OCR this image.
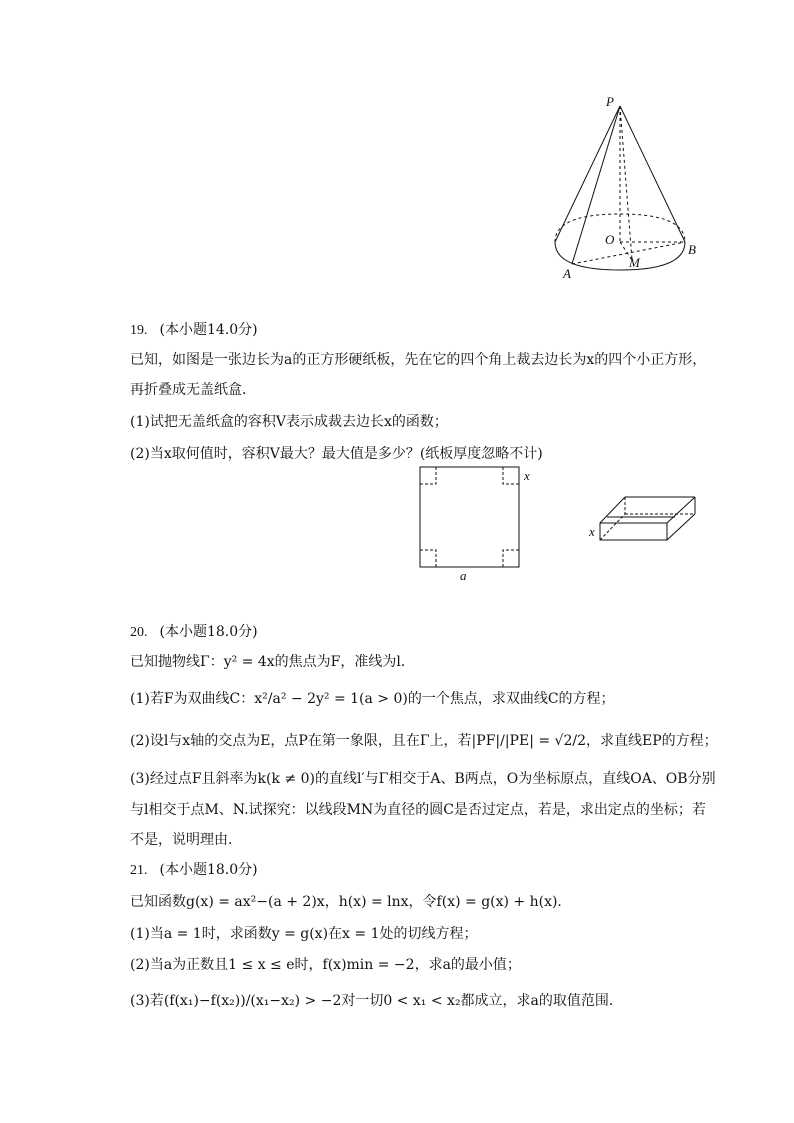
P
O
B
A
M
19. (本小题14.0分)
已知，如图是一张边长为a的正方形硬纸板，先在它的四个角上裁去边长为x的四个小正方形，
再折叠成无盖纸盒．
(1)试把无盖纸盒的容积V表示成裁去边长x的函数；
(2)当x取何值时，容积V最大？最大值是多少？(纸板厚度忽略不计)
x
a
x
20. (本小题18.0分)
已知抛物线Γ：y² = 4x的焦点为F，准线为l．
(1)若F为双曲线C：x²/a² − 2y² = 1(a > 0)的一个焦点，求双曲线C的方程；
(2)设l与x轴的交点为E，点P在第一象限，且在Γ上，若|PF|/|PE| = √2/2，求直线EP的方程；
(3)经过点F且斜率为k(k ≠ 0)的直线l′与Γ相交于A、B两点，O为坐标原点，直线OA、OB分别
与l相交于点M、N.试探究：以线段MN为直径的圆C是否过定点，若是，求出定点的坐标；若
不是，说明理由．
21. (本小题18.0分)
已知函数g(x) = ax²−(a + 2)x，h(x) = lnx，令f(x) = g(x) + h(x)．
(1)当a = 1时，求函数y = g(x)在x = 1处的切线方程；
(2)当a为正数且1 ≤ x ≤ e时，f(x)min = −2，求a的最小值；
(3)若(f(x₁)−f(x₂))/(x₁−x₂) > −2对一切0 < x₁ < x₂都成立，求a的取值范围．
